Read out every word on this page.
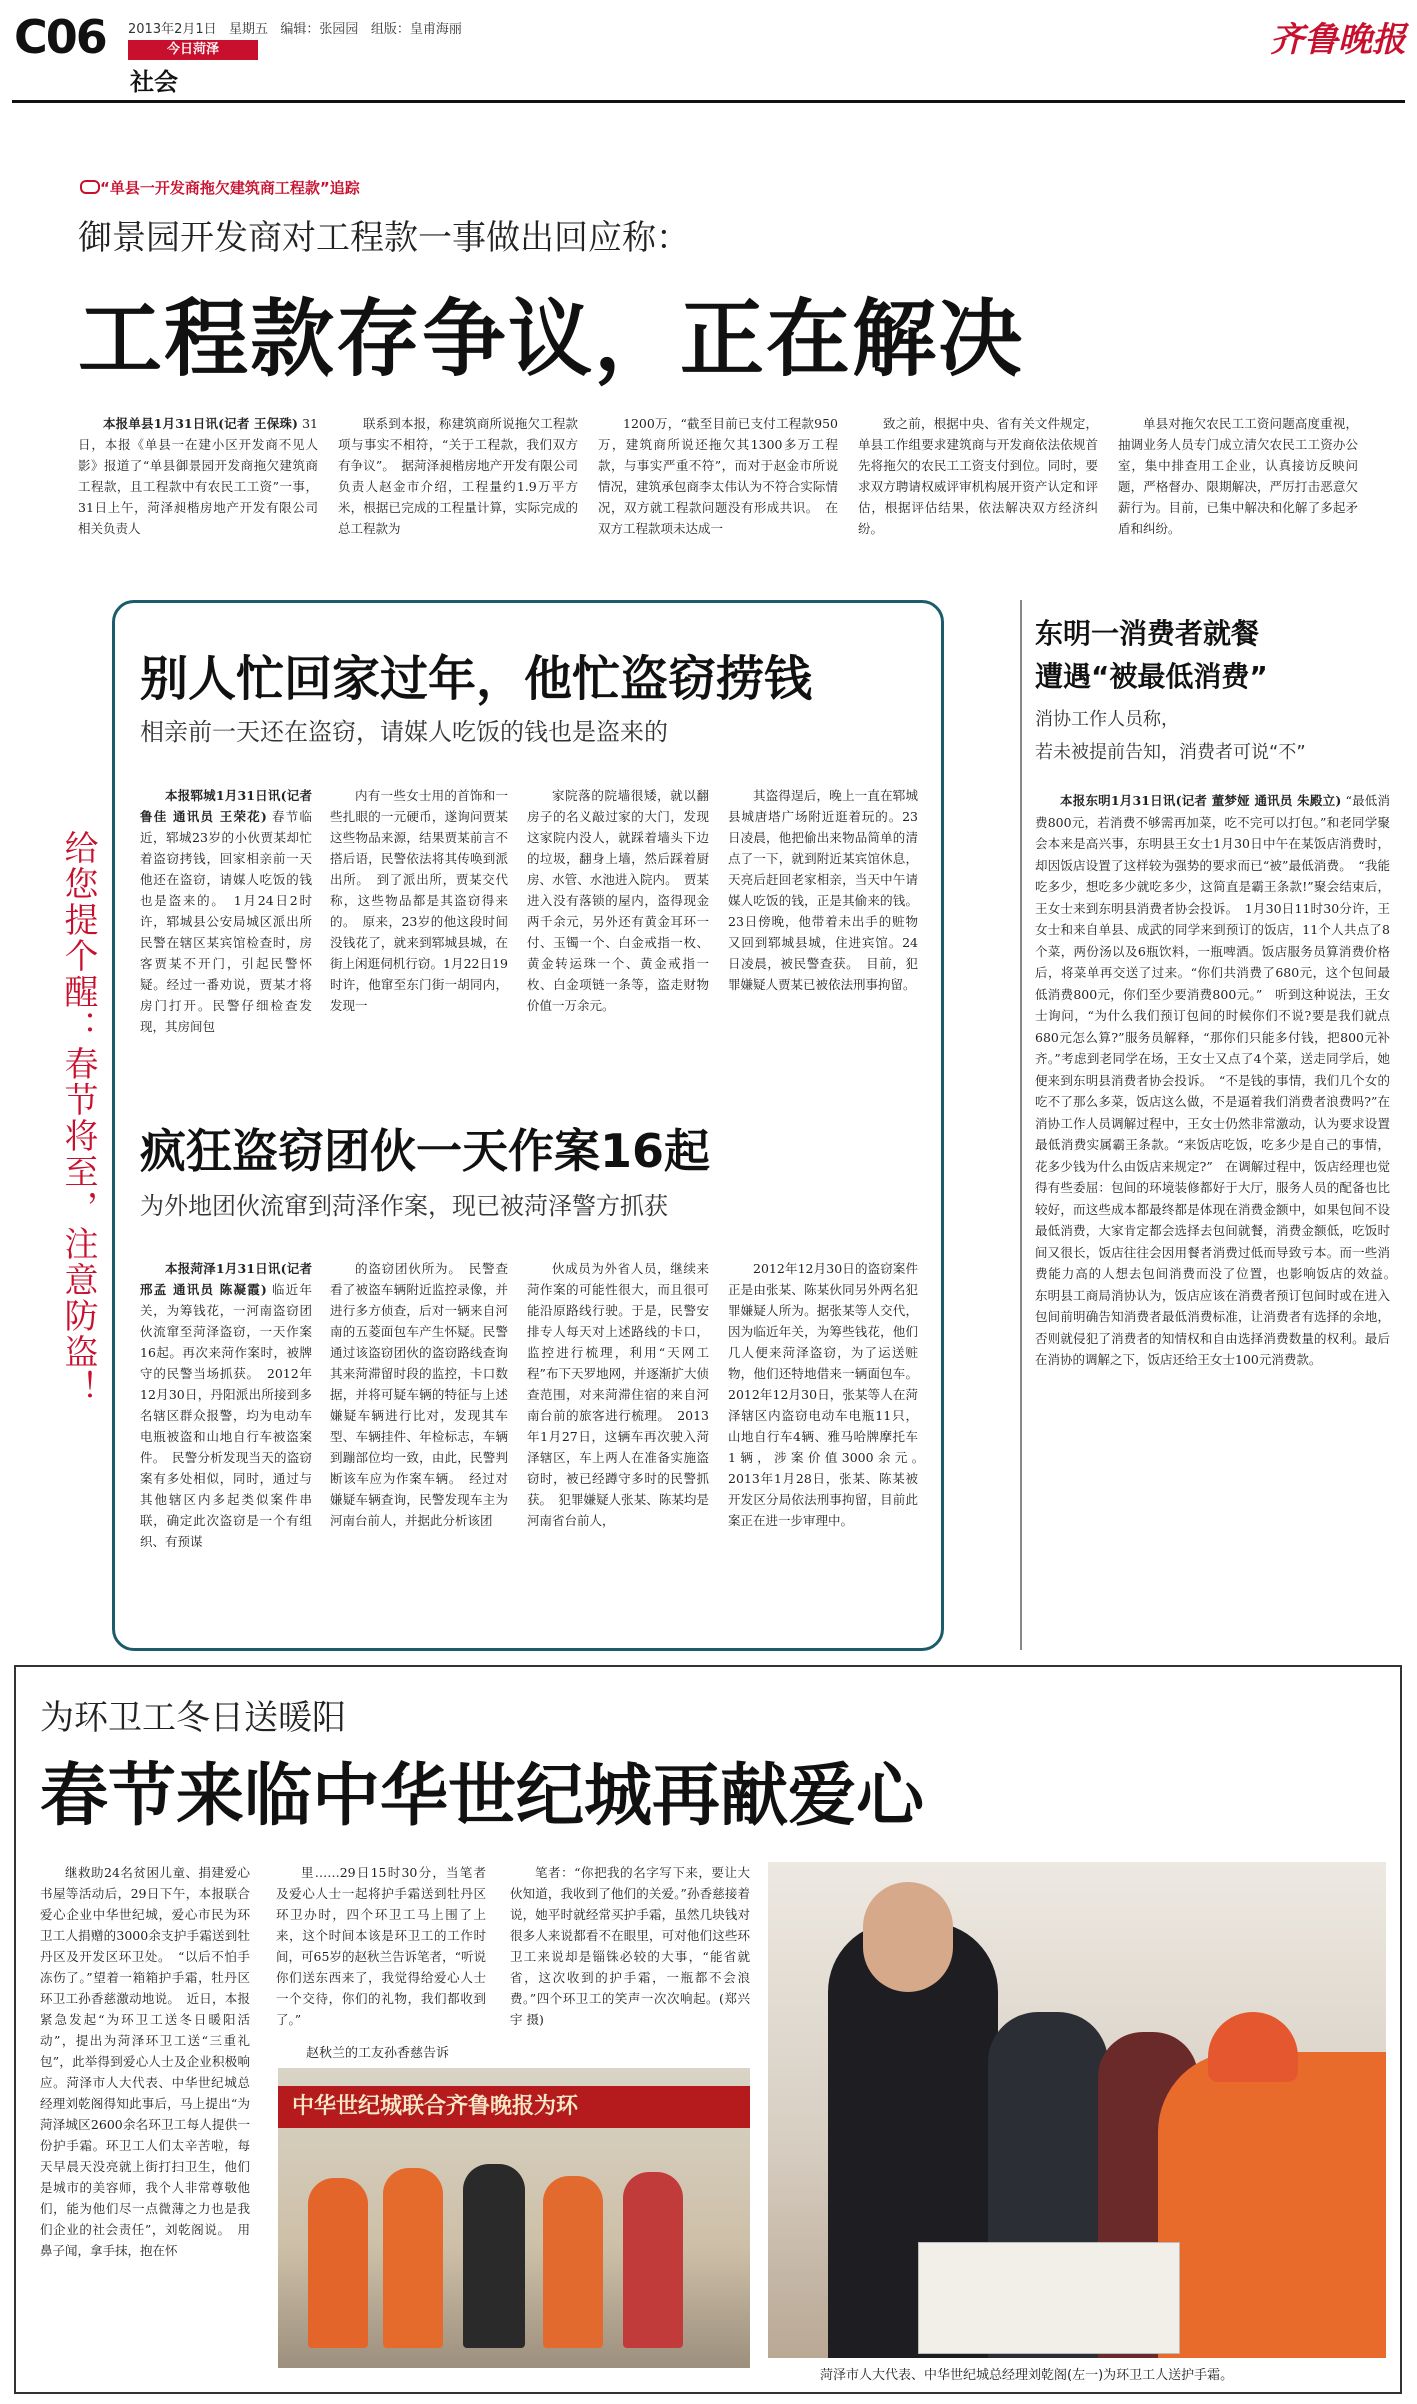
C06 2013年2月1日   星期五   编辑：张园园   组版：皇甫海丽
今日菏泽
社会
齐鲁晚报
“单县一开发商拖欠建筑商工程款”追踪
御景园开发商对工程款一事做出回应称：
工程款存争议，正在解决

本报单县1月31日讯(记者 王保珠) 31日，本报《单县一在建小区开发商不见人影》报道了“单县御景园开发商拖欠建筑商工程款，且工程款中有农民工工资”一事，31日上午，菏泽昶楷房地产开发有限公司相关负责人

联系到本报，称建筑商所说拖欠工程款项与事实不相符，“关于工程款，我们双方有争议”。　据菏泽昶楷房地产开发有限公司负责人赵金市介绍，工程量约1.9万平方米，根据已完成的工程量计算，实际完成的总工程款为

1200万，“截至目前已支付工程款950万，建筑商所说还拖欠其1300多万工程款，与事实严重不符”，而对于赵金市所说情况，建筑承包商李太伟认为不符合实际情况，双方就工程款问题没有形成共识。　在双方工程款项未达成一

致之前，根据中央、省有关文件规定，单县工作组要求建筑商与开发商依法依规首先将拖欠的农民工工资支付到位。同时，要求双方聘请权威评审机构展开资产认定和评估，根据评估结果，依法解决双方经济纠纷。

单县对拖欠农民工工资问题高度重视，抽调业务人员专门成立清欠农民工工资办公室，集中排查用工企业，认真接访反映问题，严格督办、限期解决，严厉打击恶意欠薪行为。目前，已集中解决和化解了多起矛盾和纠纷。

给您提个醒：春节将至，注意防盗！
别人忙回家过年，他忙盗窃捞钱
相亲前一天还在盗窃，请媒人吃饭的钱也是盗来的

本报郓城1月31日讯(记者 鲁佳 通讯员 王荣花) 春节临近，郓城23岁的小伙贾某却忙着盗窃拷钱，回家相亲前一天他还在盗窃，请媒人吃饭的钱也是盗来的。　1月24日2时许，郓城县公安局城区派出所民警在辖区某宾馆检查时，房客贾某不开门，引起民警怀疑。经过一番劝说，贾某才将房门打开。民警仔细检查发现，其房间包

内有一些女士用的首饰和一些扎眼的一元硬币，遂询问贾某这些物品来源，结果贾某前言不搭后语，民警依法将其传唤到派出所。　到了派出所，贾某交代称，这些物品都是其盗窃得来的。　原来，23岁的他这段时间没钱花了，就来到郓城县城，在街上闲逛伺机行窃。1月22日19时许，他窜至东门街一胡同内，发现一

家院落的院墙很矮，就以翻房子的名义敲过家的大门，发现这家院内没人，就踩着墙头下边的垃圾，翻身上墙，然后踩着厨房、水管、水池进入院内。　贾某进入没有落锁的屋内，盗得现金两千余元，另外还有黄金耳环一付、玉镯一个、白金戒指一枚、黄金转运珠一个、黄金戒指一枚、白金项链一条等，盗走财物价值一万余元。

其盗得逞后，晚上一直在郓城县城唐塔广场附近逛着玩的。23日凌晨，他把偷出来物品简单的清点了一下，就到附近某宾馆休息，天亮后赶回老家相亲，当天中午请媒人吃饭的钱，正是其偷来的钱。23日傍晚，他带着未出手的赃物又回到郓城县城，住进宾馆。24日凌晨，被民警查获。　目前，犯罪嫌疑人贾某已被依法刑事拘留。

疯狂盗窃团伙一天作案16起
为外地团伙流窜到菏泽作案，现已被菏泽警方抓获

本报菏泽1月31日讯(记者 邢孟 通讯员 陈凝霞) 临近年关，为筹钱花，一河南盗窃团伙流窜至菏泽盗窃，一天作案16起。再次来菏作案时，被牌守的民警当场抓获。　2012年12月30日，丹阳派出所接到多名辖区群众报警，均为电动车电瓶被盗和山地自行车被盗案件。　民警分析发现当天的盗窃案有多处相似，同时，通过与其他辖区内多起类似案件串联，确定此次盗窃是一个有组织、有预谋

的盗窃团伙所为。　民警查看了被盗车辆附近监控录像，并进行多方侦查，后对一辆来自河南的五菱面包车产生怀疑。民警通过该盗窃团伙的盗窃路线查询其来菏滞留时段的监控，卡口数据，并将可疑车辆的特征与上述嫌疑车辆进行比对，发现其车型、车辆挂件、年检标志，车辆到蹦部位均一致，由此，民警判断该车应为作案车辆。　经过对嫌疑车辆查询，民警发现车主为河南台前人，并据此分析该团

伙成员为外省人员，继续来菏作案的可能性很大，而且很可能沿原路线行驶。于是，民警安排专人每天对上述路线的卡口，监控进行梳理，利用“天网工程”布下天罗地网，并逐渐扩大侦查范围，对来菏滞住宿的来自河南台前的旅客进行梳理。　2013年1月27日，这辆车再次驶入菏泽辖区，车上两人在准备实施盗窃时，被已经蹲守多时的民警抓获。　犯罪嫌疑人张某、陈某均是河南省台前人，

2012年12月30日的盗窃案件正是由张某、陈某伙同另外两名犯罪嫌疑人所为。据张某等人交代，因为临近年关，为筹些钱花，他们几人便来菏泽盗窃，为了运送赃物，他们还特地借来一辆面包车。2012年12月30日，张某等人在菏泽辖区内盗窃电动车电瓶11只，山地自行车4辆、雅马哈牌摩托车1辆，涉案价值3000余元。　2013年1月28日，张某、陈某被开发区分局依法刑事拘留，目前此案正在进一步审理中。

东明一消费者就餐
遭遇“被最低消费”
消协工作人员称，
若未被提前告知，消费者可说“不”

本报东明1月31日讯(记者 董梦娅 通讯员 朱殿立) “最低消费800元，若消费不够需再加菜，吃不完可以打包。”和老同学聚会本来是高兴事，东明县王女士1月30日中午在某饭店消费时，却因饭店设置了这样较为强势的要求而已“被”最低消费。　“我能吃多少，想吃多少就吃多少，这简直是霸王条款!”聚会结束后，王女士来到东明县消费者协会投诉。　1月30日11时30分许，王女士和来自单县、成武的同学来到预订的饭店，11个人共点了8个菜，两份汤以及6瓶饮料，一瓶啤酒。饭店服务员算消费价格后，将菜单再交送了过来。“你们共消费了680元，这个包间最低消费800元，你们至少要消费800元。”　听到这种说法，王女士询问，“为什么我们预订包间的时候你们不说?要是我们就点680元怎么算?”服务员解释，“那你们只能多付钱，把800元补齐。”考虑到老同学在场，王女士又点了4个菜，送走同学后，她便来到东明县消费者协会投诉。　“不是钱的事情，我们几个女的吃不了那么多菜，饭店这么做，不是逼着我们消费者浪费吗?”在消协工作人员调解过程中，王女士仍然非常激动，认为要求设置最低消费实属霸王条款。“来饭店吃饭，吃多少是自己的事情，花多少钱为什么由饭店来规定?”　在调解过程中，饭店经理也觉得有些委屈：包间的环境装修都好于大厅，服务人员的配备也比较好，而这些成本都最终都是体现在消费金额中，如果包间不设最低消费，大家肯定都会选择去包间就餐，消费金额低，吃饭时间又很长，饭店往往会因用餐者消费过低而导致亏本。而一些消费能力高的人想去包间消费而没了位置，也影响饭店的效益。　东明县工商局消协认为，饭店应该在消费者预订包间时或在进入包间前明确告知消费者最低消费标准，让消费者有选择的余地，否则就侵犯了消费者的知情权和自由选择消费数量的权利。最后在消协的调解之下，饭店还给王女士100元消费款。

为环卫工冬日送暖阳
春节来临中华世纪城再献爱心

继救助24名贫困儿童、捐建爱心书屋等活动后，29日下午，本报联合爱心企业中华世纪城，爱心市民为环卫工人捐赠的3000余支护手霜送到牡丹区及开发区环卫处。　“以后不怕手冻伤了。”望着一箱箱护手霜，牡丹区环卫工孙香慈激动地说。　近日，本报紧急发起“为环卫工送冬日暖阳活动”，提出为菏泽环卫工送“三重礼包”，此举得到爱心人士及企业积极响应。菏泽市人大代表、中华世纪城总经理刘乾阁得知此事后，马上提出“为菏泽城区2600余名环卫工每人提供一份护手霜。环卫工人们太辛苦啦，每天早晨天没亮就上街打扫卫生，他们是城市的美容师，我个人非常尊敬他们，能为他们尽一点微薄之力也是我们企业的社会责任”，刘乾阁说。　用鼻子闻，拿手抹，抱在怀

里……29日15时30分，当笔者及爱心人士一起将护手霜送到牡丹区环卫办时，四个环卫工马上围了上来，这个时间本该是环卫工的工作时间，可65岁的赵秋兰告诉笔者，“听说你们送东西来了，我觉得给爱心人士一个交待，你们的礼物，我们都收到了。”

笔者：“你把我的名字写下来，要让大伙知道，我收到了他们的关爱。”孙香慈接着说，她平时就经常买护手霜，虽然几块钱对很多人来说都看不在眼里，可对他们这些环卫工来说却是锱铢必较的大事，“能省就省，这次收到的护手霜，一瓶都不会浪费。”四个环卫工的笑声一次次响起。(郑兴宇 摄)

赵秋兰的工友孙香慈告诉
中华世纪城联合齐鲁晚报为环
菏泽市人大代表、中华世纪城总经理刘乾阁(左一)为环卫工人送护手霜。
